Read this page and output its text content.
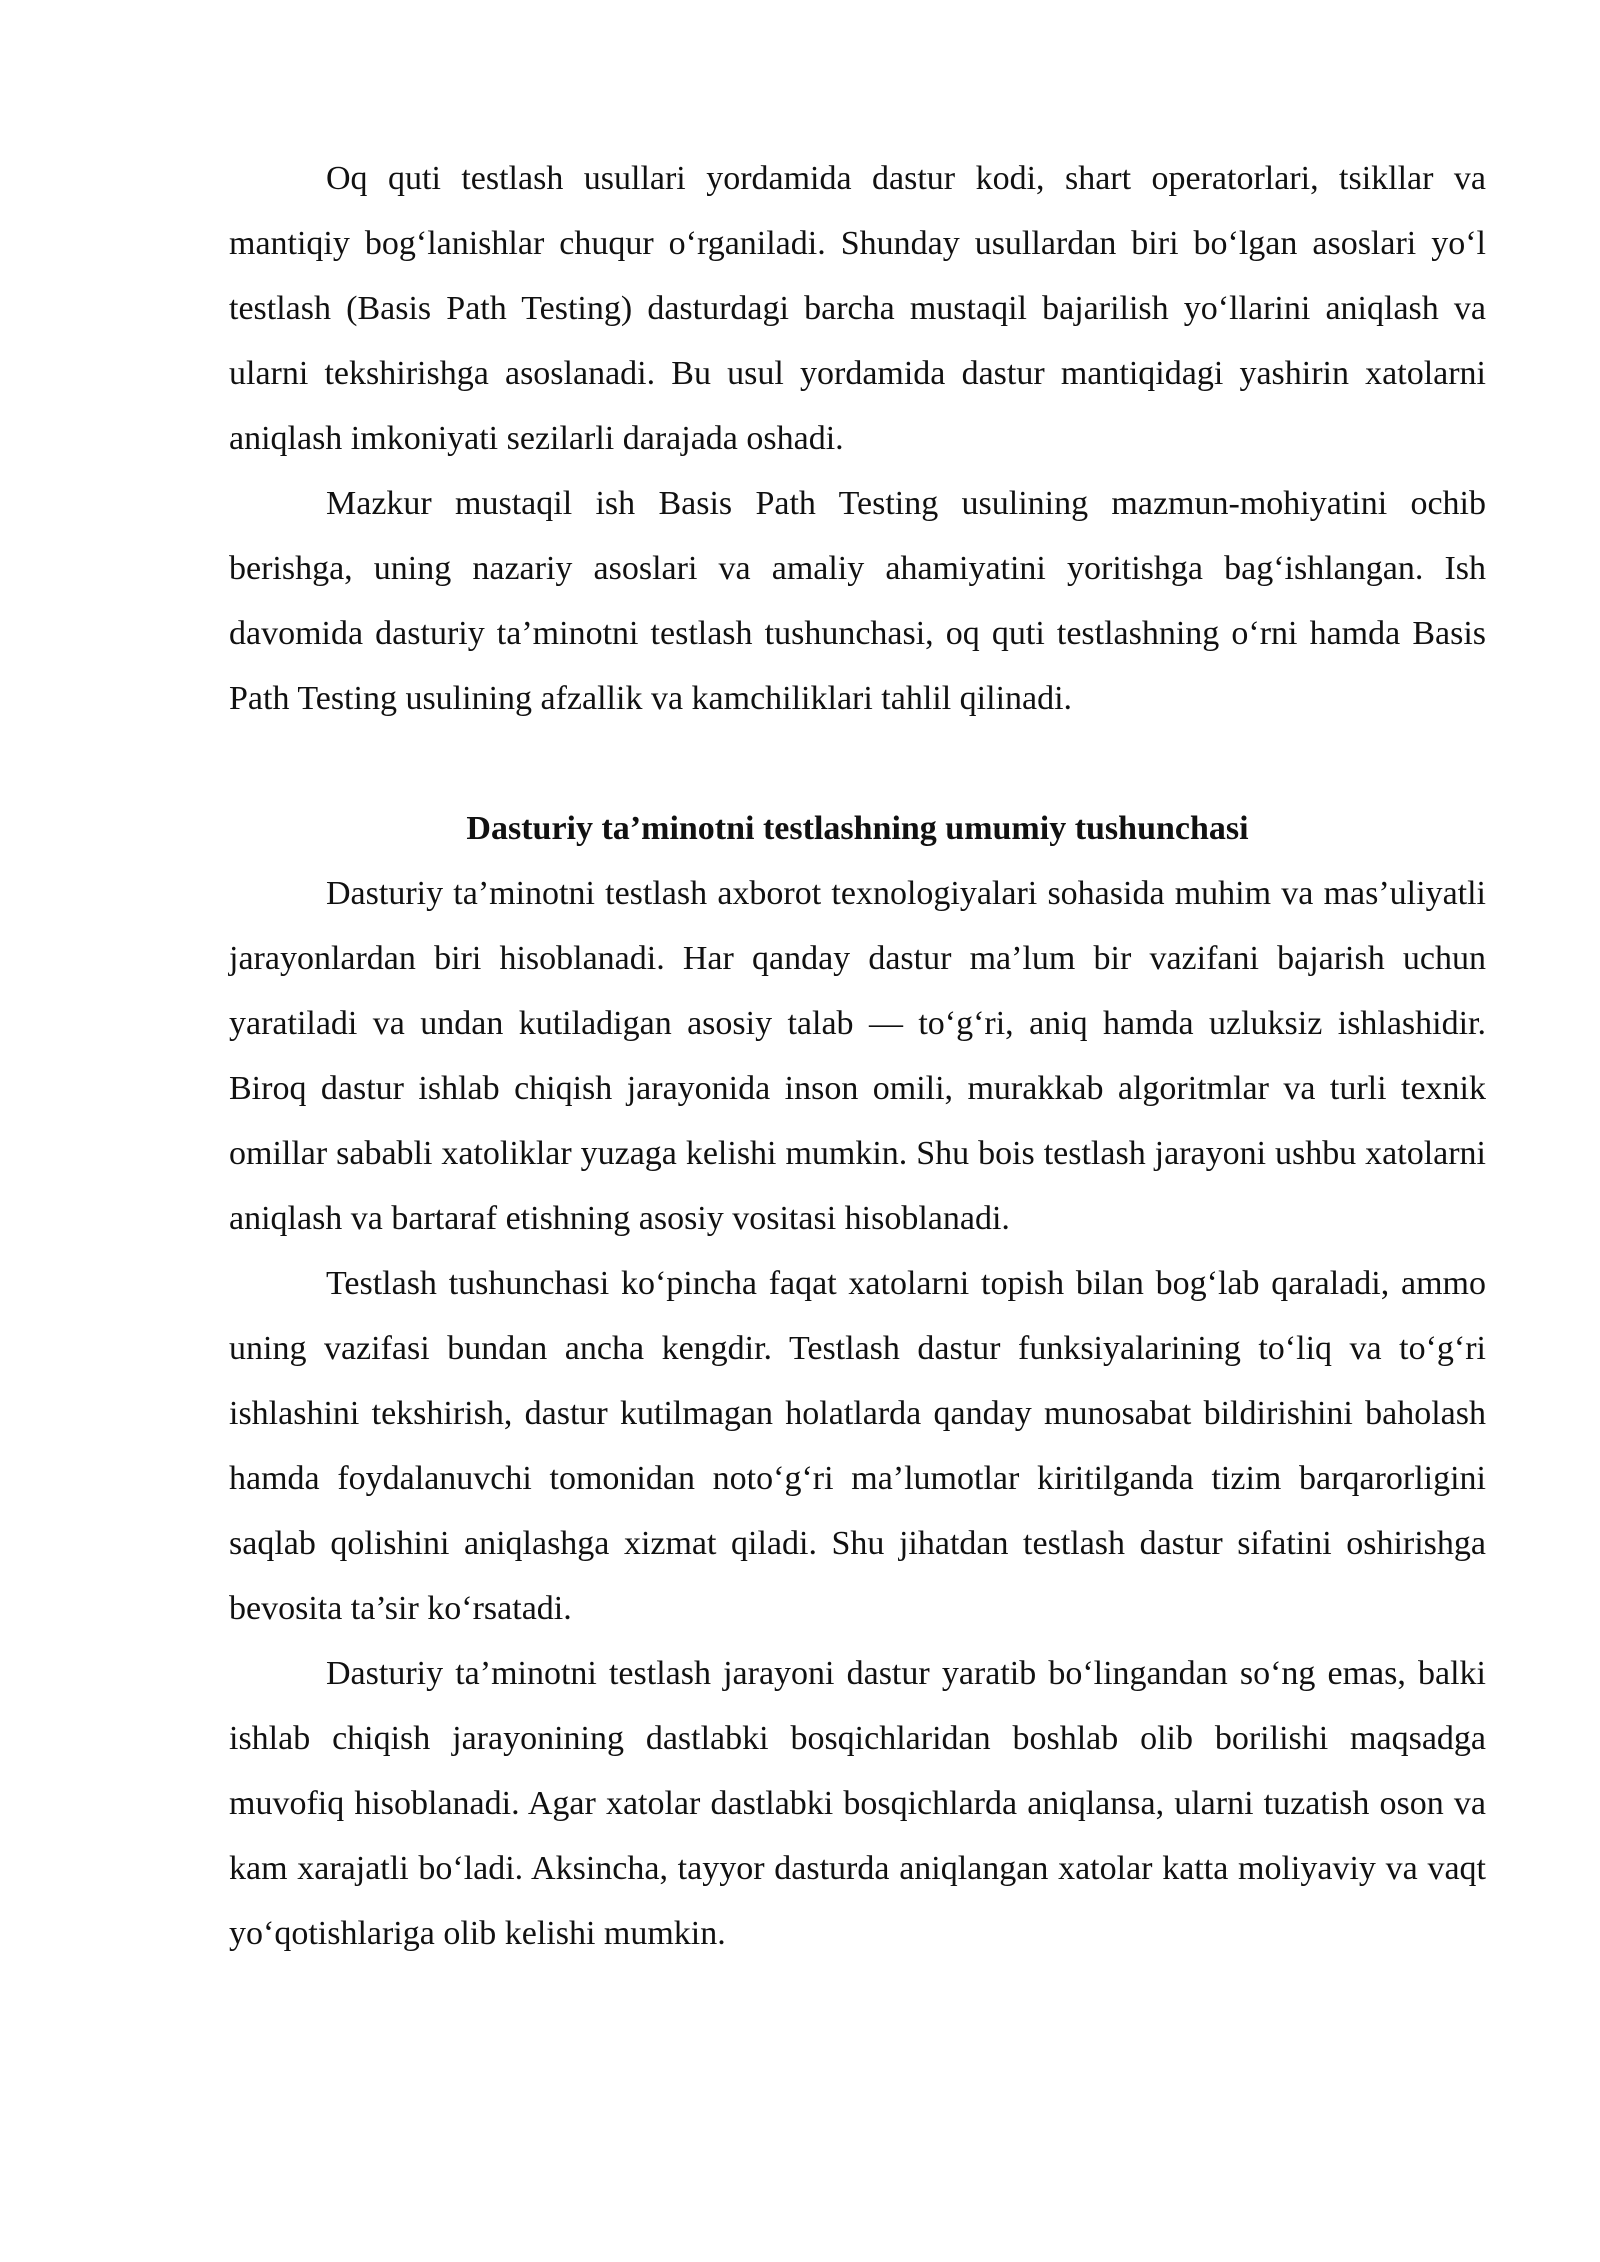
Oq quti testlash usullari yordamida dastur kodi, shart operatorlari, tsikllar va mantiqiy bog‘lanishlar chuqur o‘rganiladi. Shunday usullardan biri bo‘lgan asoslari yo‘l testlash (Basis Path Testing) dasturdagi barcha mustaqil bajarilish yo‘llarini aniqlash va ularni tekshirishga asoslanadi. Bu usul yordamida dastur mantiqidagi yashirin xatolarni aniqlash imkoniyati sezilarli darajada oshadi.

Mazkur mustaqil ish Basis Path Testing usulining mazmun-mohiyatini ochib berishga, uning nazariy asoslari va amaliy ahamiyatini yoritishga bag‘ishlangan. Ish davomida dasturiy ta’minotni testlash tushunchasi, oq quti testlashning o‘rni hamda Basis Path Testing usulining afzallik va kamchiliklari tahlil qilinadi.

Dasturiy ta’minotni testlashning umumiy tushunchasi

Dasturiy ta’minotni testlash axborot texnologiyalari sohasida muhim va mas’uliyatli jarayonlardan biri hisoblanadi. Har qanday dastur ma’lum bir vazifani bajarish uchun yaratiladi va undan kutiladigan asosiy talab — to‘g‘ri, aniq hamda uzluksiz ishlashidir. Biroq dastur ishlab chiqish jarayonida inson omili, murakkab algoritmlar va turli texnik omillar sababli xatoliklar yuzaga kelishi mumkin. Shu bois testlash jarayoni ushbu xatolarni aniqlash va bartaraf etishning asosiy vositasi hisoblanadi.

Testlash tushunchasi ko‘pincha faqat xatolarni topish bilan bog‘lab qaraladi, ammo uning vazifasi bundan ancha kengdir. Testlash dastur funksiyalarining to‘liq va to‘g‘ri ishlashini tekshirish, dastur kutilmagan holatlarda qanday munosabat bildirishini baholash hamda foydalanuvchi tomonidan noto‘g‘ri ma’lumotlar kiritilganda tizim barqarorligini saqlab qolishini aniqlashga xizmat qiladi. Shu jihatdan testlash dastur sifatini oshirishga bevosita ta’sir ko‘rsatadi.

Dasturiy ta’minotni testlash jarayoni dastur yaratib bo‘lingandan so‘ng emas, balki ishlab chiqish jarayonining dastlabki bosqichlaridan boshlab olib borilishi maqsadga muvofiq hisoblanadi. Agar xatolar dastlabki bosqichlarda aniqlansa, ularni tuzatish oson va kam xarajatli bo‘ladi. Aksincha, tayyor dasturda aniqlangan xatolar katta moliyaviy va vaqt yo‘qotishlariga olib kelishi mumkin.
